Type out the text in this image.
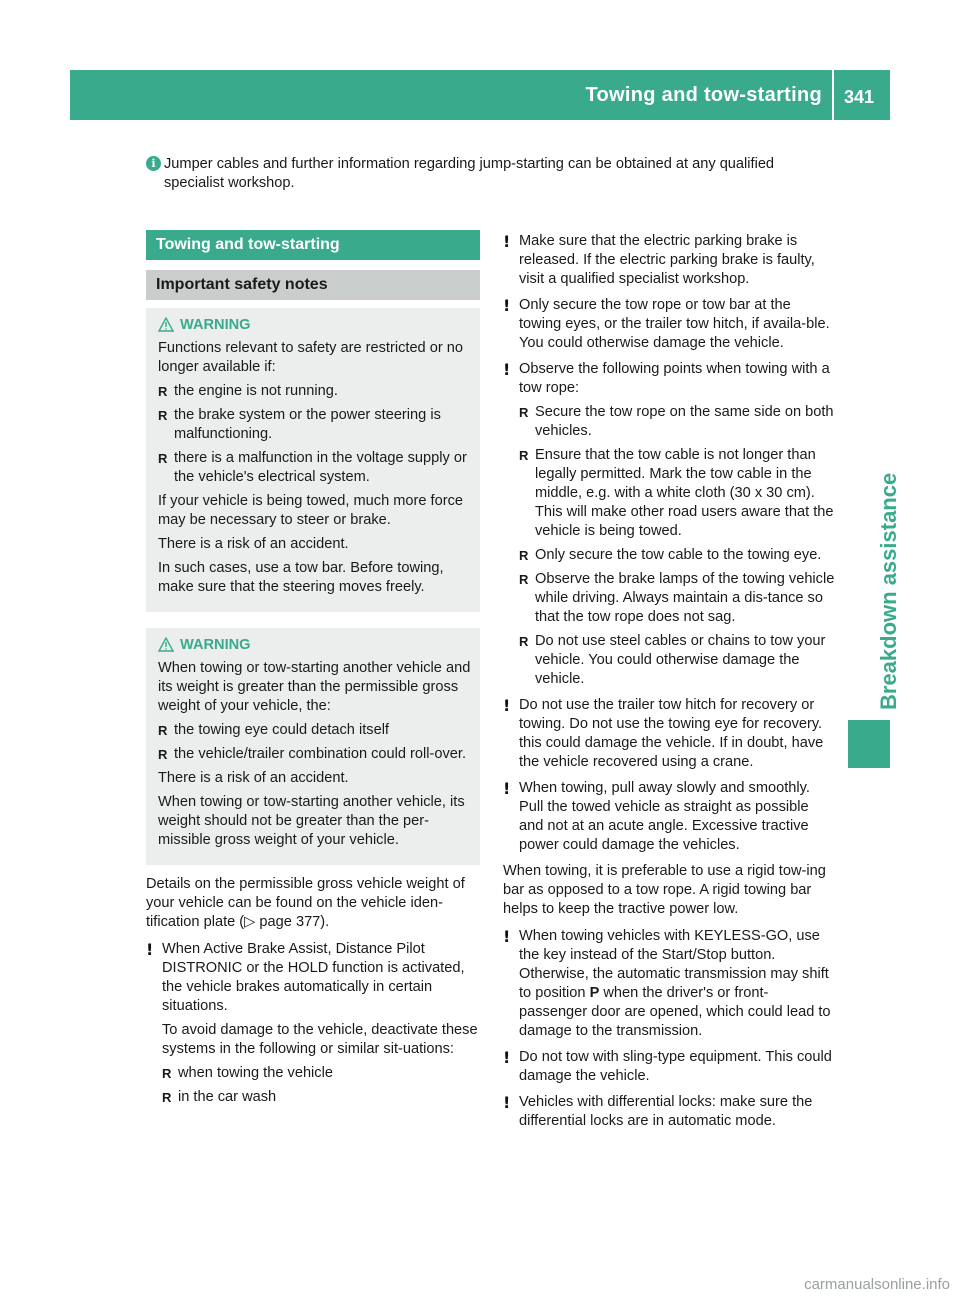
Towing and tow-starting 341
Breakdown assistance
i Jumper cables and further information regarding jump-starting can be obtained at any qualified specialist workshop.

Towing and tow-starting
Important safety notes
WARNING

Functions relevant to safety are restricted or no longer available if:

R the engine is not running.

R the brake system or the power steering is malfunctioning.

R there is a malfunction in the voltage supply or the vehicle's electrical system.

If your vehicle is being towed, much more force may be necessary to steer or brake.

There is a risk of an accident.

In such cases, use a tow bar. Before towing, make sure that the steering moves freely.

WARNING

When towing or tow-starting another vehicle and its weight is greater than the permissible gross weight of your vehicle, the:

R the towing eye could detach itself

R the vehicle/trailer combination could roll-over.

There is a risk of an accident.

When towing or tow-starting another vehicle, its weight should not be greater than the per-missible gross weight of your vehicle.

Details on the permissible gross vehicle weight of your vehicle can be found on the vehicle iden-tification plate (▷ page 377).

! When Active Brake Assist, Distance Pilot DISTRONIC or the HOLD function is activated, the vehicle brakes automatically in certain situations.

To avoid damage to the vehicle, deactivate these systems in the following or similar sit-uations:

R when towing the vehicle

R in the car wash

! Make sure that the electric parking brake is released. If the electric parking brake is faulty, visit a qualified specialist workshop.

! Only secure the tow rope or tow bar at the towing eyes, or the trailer tow hitch, if availa-ble. You could otherwise damage the vehicle.

! Observe the following points when towing with a tow rope:

R Secure the tow rope on the same side on both vehicles.

R Ensure that the tow cable is not longer than legally permitted. Mark the tow cable in the middle, e.g. with a white cloth (30 x 30 cm). This will make other road users aware that the vehicle is being towed.

R Only secure the tow cable to the towing eye.

R Observe the brake lamps of the towing vehicle while driving. Always maintain a dis-tance so that the tow rope does not sag.

R Do not use steel cables or chains to tow your vehicle. You could otherwise damage the vehicle.

! Do not use the trailer tow hitch for recovery or towing. Do not use the towing eye for recovery. this could damage the vehicle. If in doubt, have the vehicle recovered using a crane.

! When towing, pull away slowly and smoothly. Pull the towed vehicle as straight as possible and not at an acute angle. Excessive tractive power could damage the vehicles.

When towing, it is preferable to use a rigid tow-ing bar as opposed to a tow rope. A rigid towing bar helps to keep the tractive power low.

! When towing vehicles with KEYLESS-GO, use the key instead of the Start/Stop button. Otherwise, the automatic transmission may shift to position P when the driver's or front-passenger door are opened, which could lead to damage to the transmission.

! Do not tow with sling-type equipment. This could damage the vehicle.

! Vehicles with differential locks: make sure the differential locks are in automatic mode.

carmanualsonline.info
